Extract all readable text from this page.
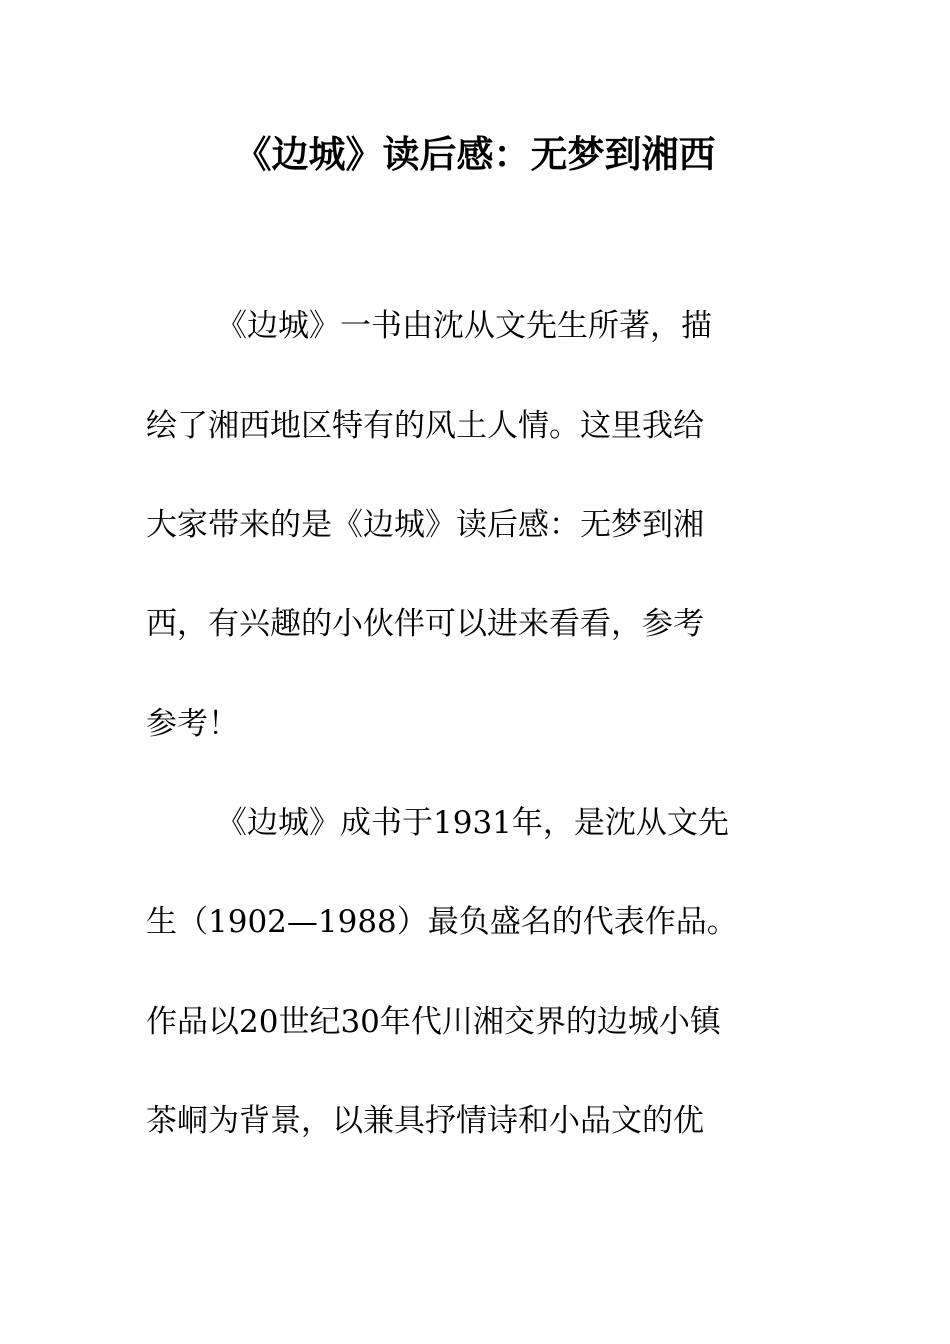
《边城》读后感：无梦到湘西

《边城》一书由沈从文先生所著，描

绘了湘西地区特有的风土人情。这里我给

大家带来的是《边城》读后感：无梦到湘

西，有兴趣的小伙伴可以进来看看，参考

参考！

《边城》成书于1931年，是沈从文先

生（1902—1988）最负盛名的代表作品。

作品以20世纪30年代川湘交界的边城小镇

茶峒为背景，以兼具抒情诗和小品文的优
